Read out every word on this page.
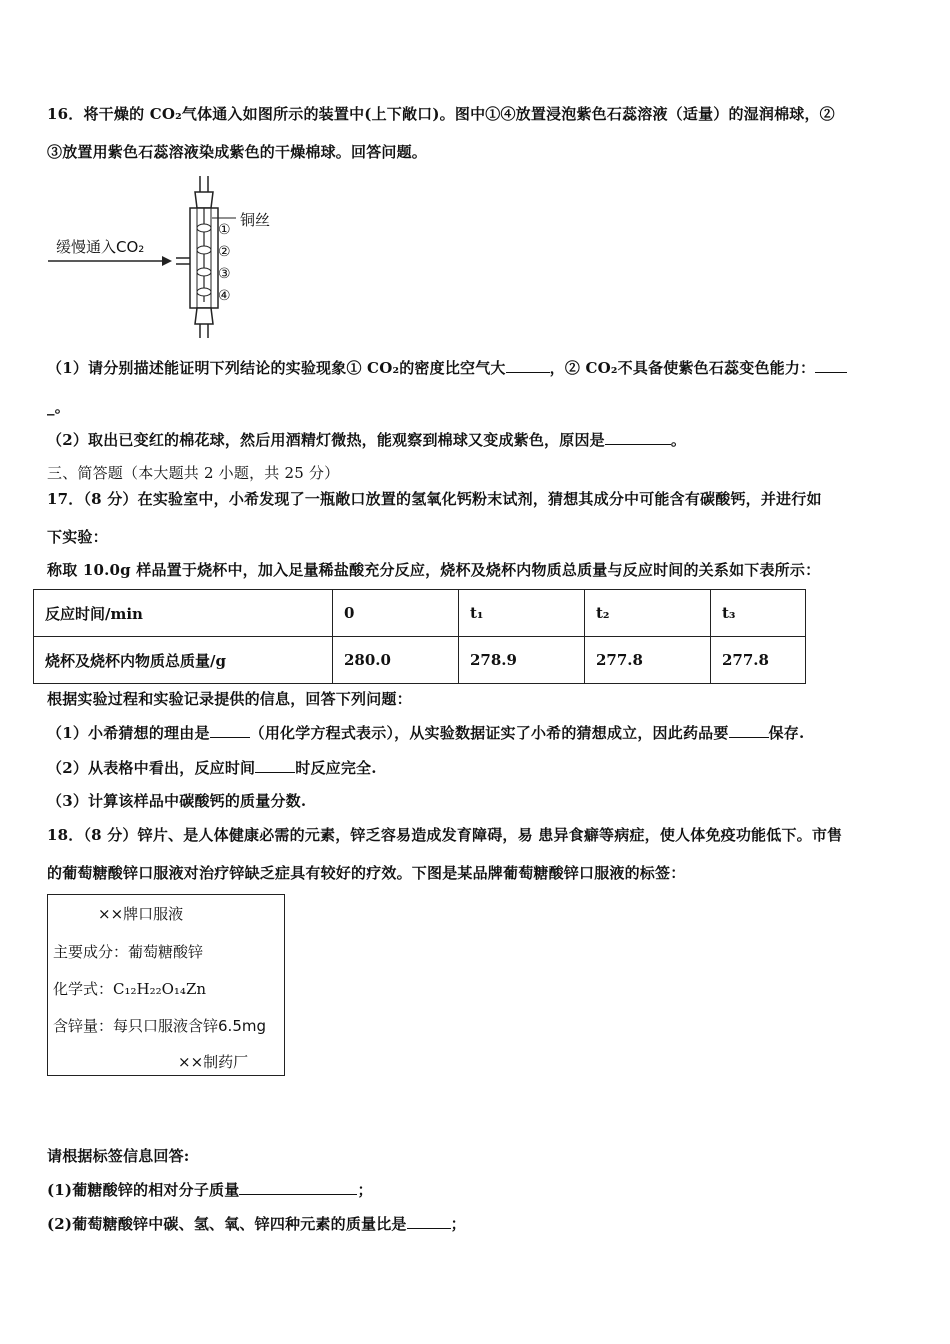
16．将干燥的 CO₂气体通入如图所示的装置中(上下敞口)。图中①④放置浸泡紫色石蕊溶液（适量）的湿润棉球，②
③放置用紫色石蕊溶液染成紫色的干燥棉球。回答问题。
缓慢通入CO₂
铜丝
①
②
③
④
（1）请分别描述能证明下列结论的实验现象① CO₂的密度比空气大	，② CO₂不具备使紫色石蕊变色能力：
_。
（2）取出已变红的棉花球，然后用酒精灯微热，能观察到棉球又变成紫色，原因是	。
三、简答题（本大题共 2 小题，共 25 分）
17．（8 分）在实验室中，小希发现了一瓶敞口放置的氢氧化钙粉末试剂，猜想其成分中可能含有碳酸钙，并进行如
下实验：
称取 10.0g 样品置于烧杯中，加入足量稀盐酸充分反应，烧杯及烧杯内物质总质量与反应时间的关系如下表所示：
反应时间/min	0	t₁	t₂	t₃
烧杯及烧杯内物质总质量/g	280.0	278.9	277.8	277.8
根据实验过程和实验记录提供的信息，回答下列问题：
（1）小希猜想的理由是	（用化学方程式表示），从实验数据证实了小希的猜想成立，因此药品要	保存.
（2）从表格中看出，反应时间	时反应完全.
（3）计算该样品中碳酸钙的质量分数.
18．（8 分）锌片、是人体健康必需的元素，锌乏容易造成发育障碍，易 患异食癖等病症，使人体免疫功能低下。市售
的葡萄糖酸锌口服液对治疗锌缺乏症具有较好的疗效。下图是某品牌葡萄糖酸锌口服液的标签：
××牌口服液
主要成分：葡萄糖酸锌
化学式：C₁₂H₂₂O₁₄Zn
含锌量：每只口服液含锌6.5mg
××制药厂
请根据标签信息回答:
(1)葡糖酸锌的相对分子质量	；
(2)葡萄糖酸锌中碳、氢、氧、锌四种元素的质量比是	；
